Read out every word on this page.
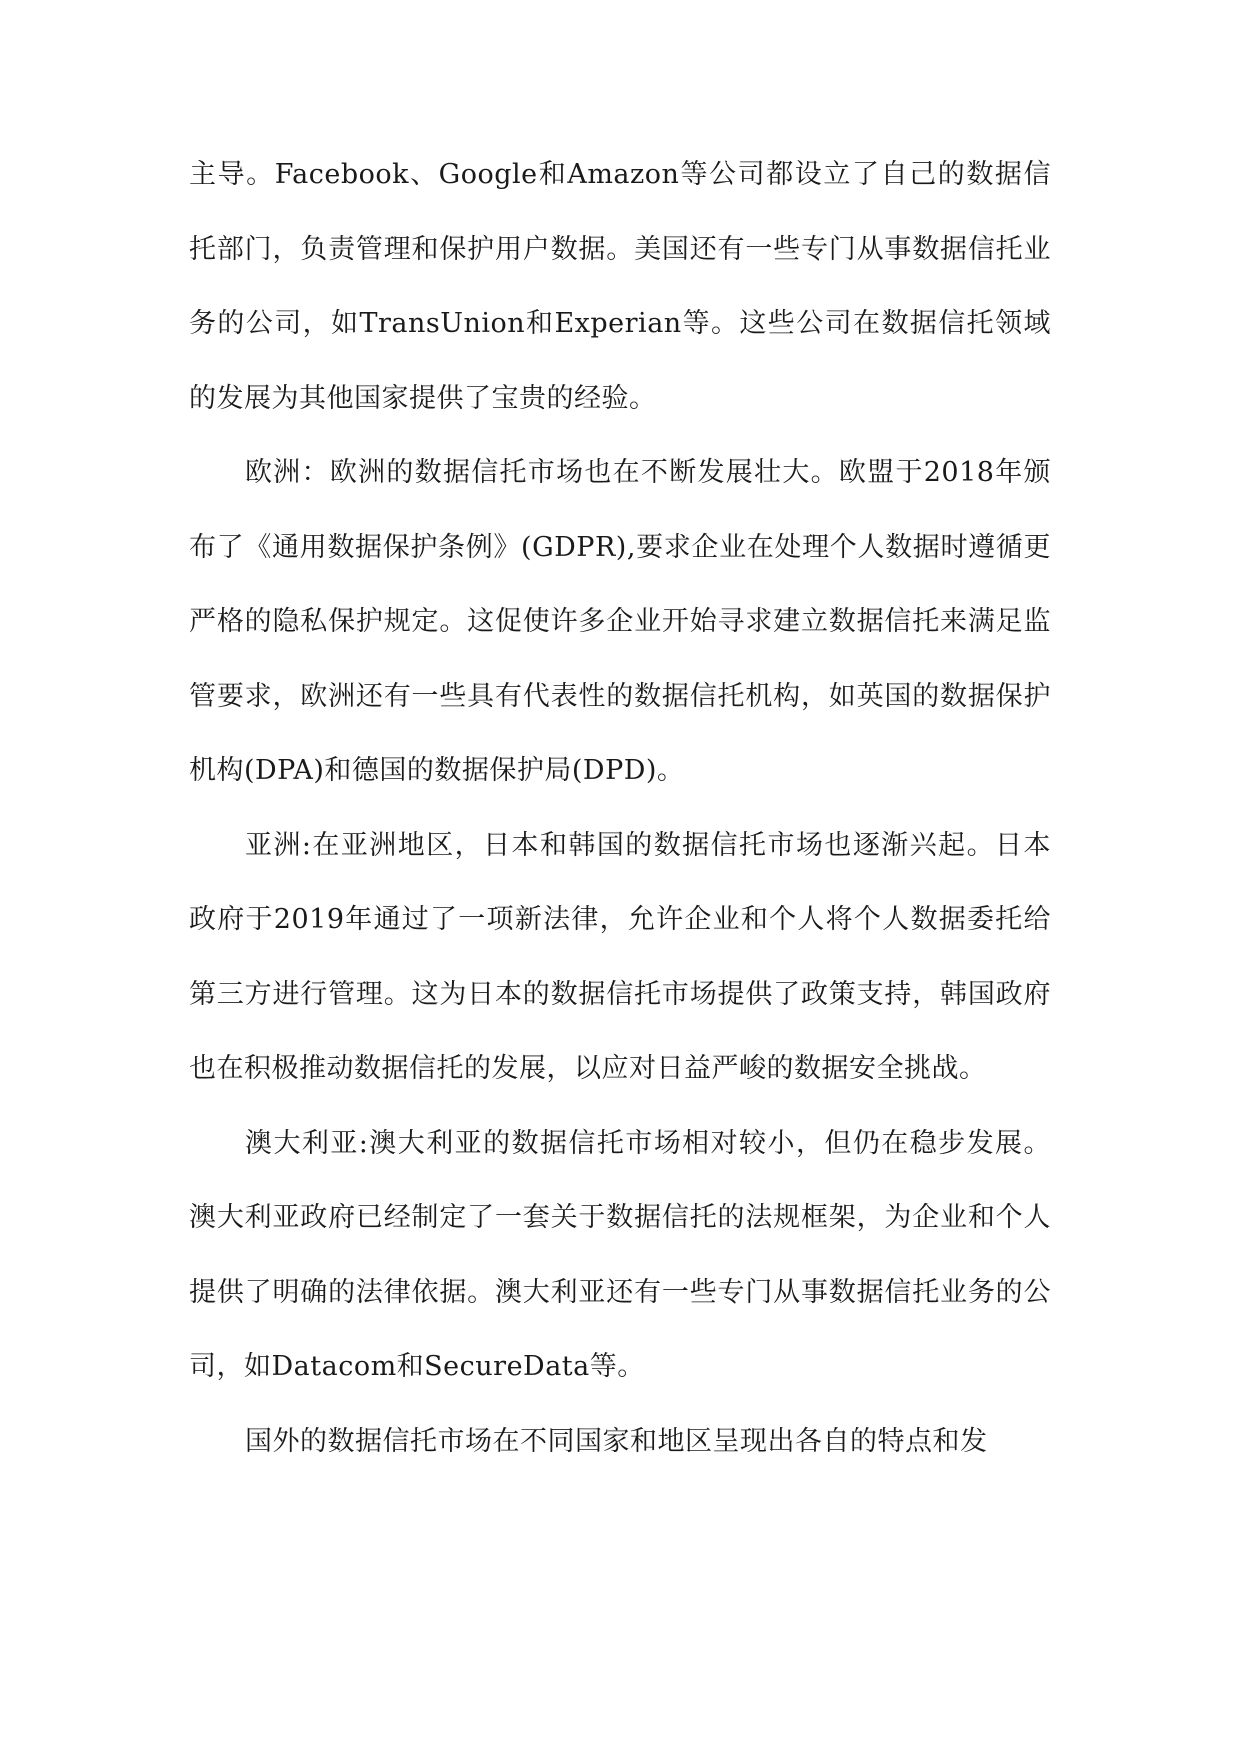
主导。Facebook、Google和Amazon等公司都设立了自己的数据信托部门，负责管理和保护用户数据。美国还有一些专门从事数据信托业务的公司，如TransUnion和Experian等。这些公司在数据信托领域的发展为其他国家提供了宝贵的经验。

欧洲：欧洲的数据信托市场也在不断发展壮大。欧盟于2018年颁布了《通用数据保护条例》(GDPR),要求企业在处理个人数据时遵循更严格的隐私保护规定。这促使许多企业开始寻求建立数据信托来满足监管要求，欧洲还有一些具有代表性的数据信托机构，如英国的数据保护机构(DPA)和德国的数据保护局(DPD)。

亚洲:在亚洲地区，日本和韩国的数据信托市场也逐渐兴起。日本政府于2019年通过了一项新法律，允许企业和个人将个人数据委托给第三方进行管理。这为日本的数据信托市场提供了政策支持，韩国政府也在积极推动数据信托的发展，以应对日益严峻的数据安全挑战。

澳大利亚:澳大利亚的数据信托市场相对较小，但仍在稳步发展。澳大利亚政府已经制定了一套关于数据信托的法规框架，为企业和个人提供了明确的法律依据。澳大利亚还有一些专门从事数据信托业务的公司，如Datacom和SecureData等。

国外的数据信托市场在不同国家和地区呈现出各自的特点和发
